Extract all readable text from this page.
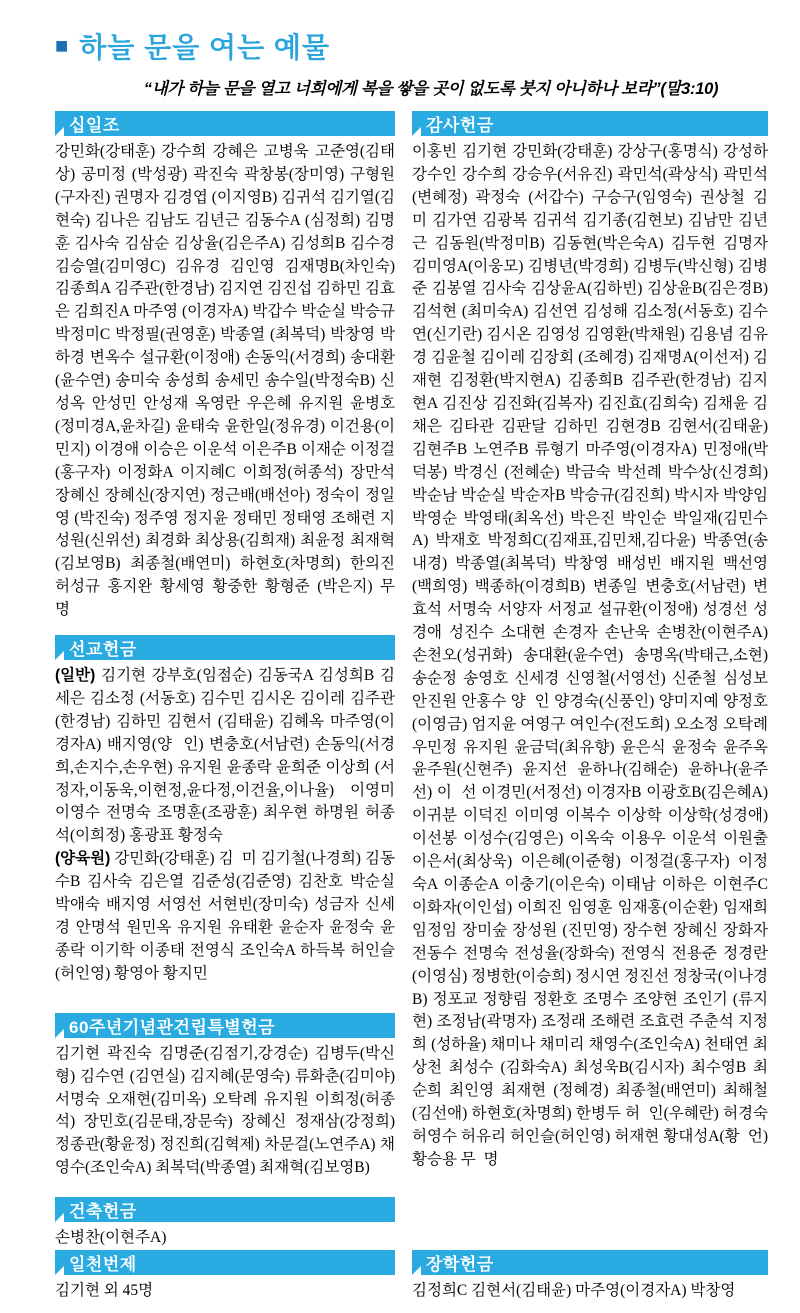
■ 하늘 문을 여는 예물
“내가 하늘 문을 열고 너희에게 복을 쌓을 곳이 없도록 붓지 아니하나 보라”(말3:10)
십일조

강민화(강태훈) 강수희 강혜은 고병욱 고준영(김태상) 공미정 (박성광) 곽진숙 곽창봉(장미영) 구형원(구자진) 권명자 김경엽 (이지영B) 김귀석 김기열(김현숙) 김나은 김남도 김년근 김동수A (심정희) 김명훈 김사숙 김삼순 김상율(김은주A) 김성희B 김수경 김승열(김미영C) 김유경 김인영 김재명B(차인숙) 김종희A 김주관(한경남) 김지연 김진섭 김하민 김효은 김희진A 마주영 (이경자A) 박갑수 박순실 박승규 박정미C 박정필(권영훈) 박종열 (최복덕) 박창영 박하경 변옥수 설규환(이정애) 손동익(서경희) 송대환(윤수연) 송미숙 송성희 송세민 송수일(박정숙B) 신성옥 안성민 안성재 옥영란 우은혜 유지원 윤병호(정미경A,윤차길) 윤태숙 윤한일(정유경) 이건용(이민지) 이경애 이승은 이운석 이은주B 이재순 이정걸(홍구자) 이정화A 이지혜C 이희정(허종석) 장만석 장혜신 장혜신(장지연) 정근배(배선아) 정숙이 정일영 (박진숙) 정주영 정지윤 정태민 정태영 조해련 지성원(신위선) 최경화 최상용(김희재) 최윤정 최재혁(김보영B) 최종철(배연미) 하현호(차명희) 한의진 허성규 홍지완 황세영 황중한 황형준 (박은지) 무  명

선교헌금

(일반) 김기현 강부호(임점순) 김동국A 김성희B 김세은 김소정 (서동호) 김수민 김시온 김이레 김주관(한경남) 김하민 김현서 (김태윤) 김혜옥 마주영(이경자A) 배지영(양  인) 변충호(서남련) 손동익(서경희,손지수,손우현) 유지원 윤종락 윤희준 이상희 (서정자,이동욱,이현정,윤다정,이건율,이나율) 이영미 이영수 전명숙 조명훈(조광훈) 최우현 하명원 허종석(이희정) 홍광표 황정숙

(양육원) 강민화(강태훈) 김  미 김기철(나경희) 김동수B 김사숙 김은열 김준성(김준영) 김찬호 박순실 박애숙 배지영 서영선 서현빈(장미숙) 성금자 신세경 안명석 원민옥 유지원 유태환 윤순자 윤정숙 윤종락 이기학 이종태 전영식 조인숙A 하득복 허인슬(허인영) 황영아 황지민

60주년기념관건립특별헌금

김기현 곽진숙 김명준(김점기,강경순) 김병두(박신형) 김수연 (김연실) 김지혜(문영숙) 류화춘(김미야) 서명숙 오재현(김미옥) 오탁례 유지원 이희정(허종석) 장민호(김문태,장문숙) 장혜신 정재삼(강정희) 정종관(황윤정) 정진희(김혁제) 차문걸(노연주A) 채영수(조인숙A) 최복덕(박종열) 최재혁(김보영B)

건축헌금

손병찬(이현주A)

일천번제

김기현 외 45명

감사헌금

이홍빈 김기현 강민화(강태훈) 강상구(홍명식) 강성하 강수인 강수희 강승우(서유진) 곽민석(곽상식) 곽민석(변혜정) 곽정숙 (서갑수) 구승구(임영숙) 권상철 김  미 김가연 김광복 김귀석 김기종(김현보) 김남만 김년근 김동원(박정미B) 김동현(박은숙A) 김두현 김명자 김미영A(이웅모) 김병년(박경희) 김병두(박신형) 김병준 김봉열 김사숙 김상윤A(김하빈) 김상윤B(김은경B) 김석현 (최미숙A) 김선연 김성해 김소정(서동호) 김수연(신기란) 김시온 김영성 김영환(박채원) 김용념 김유경 김윤철 김이레 김장회 (조혜경) 김재명A(이선저) 김재현 김정환(박지현A) 김종희B 김주관(한경남) 김지현A 김진상 김진화(김복자) 김진효(김희숙) 김채윤 김채은 김타관 김판달 김하민 김현경B 김현서(김태윤) 김현주B 노연주B 류형기 마주영(이경자A) 민정애(박덕봉) 박경신 (전혜순) 박금숙 박선례 박수상(신경희) 박순남 박순실 박순자B 박승규(김진희) 박시자 박양임 박영순 박영태(최옥선) 박은진 박인순 박일재(김민수A) 박재호 박정희C(김재표,김민채,김다윤) 박종연(송내경) 박종열(최복덕) 박창영 배성빈 배지원 백선영 (백희영) 백종하(이경희B) 변종일 변충호(서남련) 변효석 서명숙 서양자 서정교 설규환(이정애) 성경선 성경애 성진수 소대현 손경자 손난욱 손병찬(이현주A) 손천오(성귀화) 송대환(윤수연) 송명옥(박태근,소현) 송순정 송영호 신세경 신영철(서영선) 신준철 심성보 안진원 안홍수 양  인 양경숙(신풍인) 양미지예 양정호 (이영금) 엄지윤 여영구 여인수(전도희) 오소정 오탁례 우민정 유지원 윤금덕(최유향) 윤은식 윤정숙 윤주옥 윤주원(신현주) 윤지선 윤하나(김해순) 윤하나(윤주선) 이  선 이경민(서정선) 이경자B 이광호B(김은혜A) 이귀분 이덕진 이미영 이복수 이상학 이상학(성경애) 이선봉 이성수(김영은) 이옥숙 이용우 이운석 이원출 이은서(최상욱) 이은혜(이준형) 이정걸(홍구자) 이정숙A 이종순A 이충기(이은숙) 이태남 이하은 이현주C 이화자(이인섭) 이희진 임영훈 임재홍(이순환) 임재희 임정임 장미숲 장성원 (진민영) 장수현 장혜신 장화자 전동수 전명숙 전성율(장화숙) 전영식 전용준 정경란(이영심) 정병한(이승희) 정시연 정진선 정창국(이나경B) 정포교 정향림 정환호 조명수 조양현 조인기 (류지현) 조정남(곽명자) 조정래 조해련 조효련 주춘석 지정희 (성하율) 채미나 채미리 채영수(조인숙A) 천태연 최상천 최성수 (김화숙A) 최성욱B(김시자) 최수영B 최순희 최인영 최재현 (정혜경) 최종철(배연미) 최해철(김선애) 하현호(차명희) 한병두 허  인(우혜란) 허경숙 허영수 허유리 허인슬(허인영) 허재현 황대성A(황  언) 황승용 무  명

장학헌금

김정희C 김현서(김태윤) 마주영(이경자A) 박창영
